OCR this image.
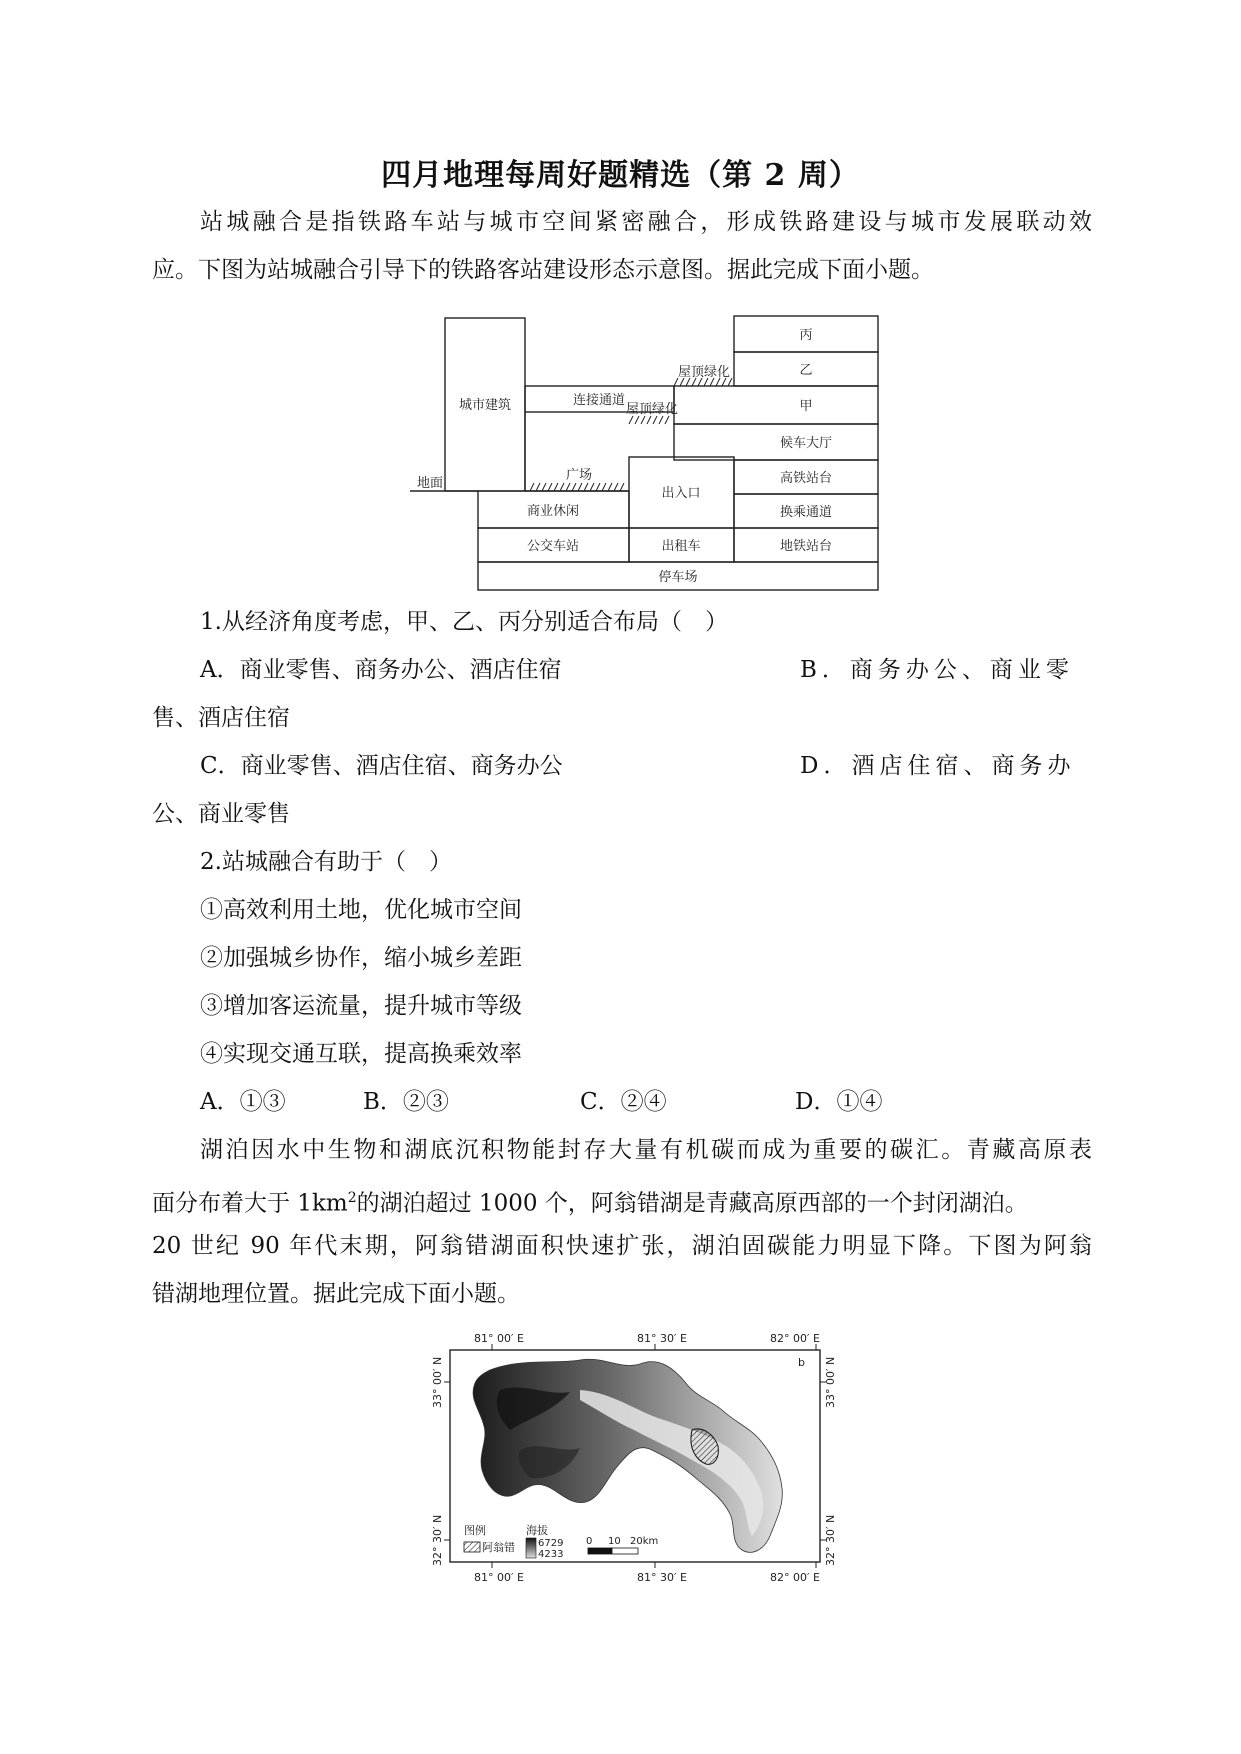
四月地理每周好题精选（第 2 周）
站城融合是指铁路车站与城市空间紧密融合，形成铁路建设与城市发展联动效
应。下图为站城融合引导下的铁路客站建设形态示意图。据此完成下面小题。
丙
乙
甲
候车大厅
屋顶绿化
屋顶绿化
城市建筑	连接通道
地面
广场
出入口
高铁站台
换乘通道
商业休闲
公交车站	出租车	地铁站台
停车场
1.从经济角度考虑，甲、乙、丙分别适合布局（　）
A．商业零售、商务办公、酒店住宿	B．商务办公、商业零
售、酒店住宿
C．商业零售、酒店住宿、商务办公	D．酒店住宿、商务办
公、商业零售
2.站城融合有助于（　）
①高效利用土地，优化城市空间
②加强城乡协作，缩小城乡差距
③增加客运流量，提升城市等级
④实现交通互联，提高换乘效率
A．①③	B．②③	C．②④	D．①④
湖泊因水中生物和湖底沉积物能封存大量有机碳而成为重要的碳汇。青藏高原表
面分布着大于 $1km^2$的湖泊超过 1000 个，阿翁错湖是青藏高原西部的一个封闭湖泊。
20 世纪 90 年代末期，阿翁错湖面积快速扩张，湖泊固碳能力明显下降。下图为阿翁
错湖地理位置。据此完成下面小题。
81° 00′ E	81° 30′ E	82° 00′ E
81° 00′ E	81° 30′ E	82° 00′ E
33° 00′ N
32° 30′ N
33° 00′ N
32° 30′ N
b
图例
阿翁错
海拔
6729
4233
0 10 20km
